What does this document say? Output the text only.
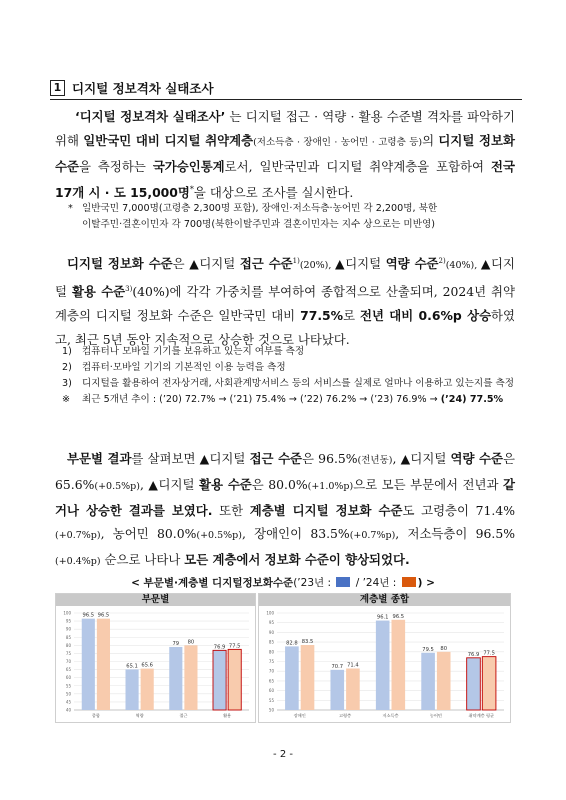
1 디지털 정보격차 실태조사

‘디지털 정보격차 실태조사’ 는 디지털 접근 · 역량 · 활용 수준별 격차를 파악하기 위해 일반국민 대비 디지털 취약계층(저소득층 · 장애인 · 농어민 · 고령층 등)의 디지털 정보화 수준을 측정하는 국가승인통계로서, 일반국민과 디지털 취약계층을 포함하여 전국 17개 시 · 도 15,000명*을 대상으로 조사를 실시한다.

* 일반국민 7,000명(고령층 2,300명 포함), 장애인·저소득층·농어민 각 2,200명, 북한
이탈주민·결혼이민자 각 700명(북한이탈주민과 결혼이민자는 지수 상으로는 미반영)

디지털 정보화 수준은 ▲디지털 접근 수준$^{1)}$(20%), ▲디지털 역량 수준$^{2)}$(40%), ▲디지털 활용 수준$^{3)}$(40%)에 각각 가중치를 부여하여 종합적으로 산출되며, 2024년 취약계층의 디지털 정보화 수준은 일반국민 대비 77.5%로 전년 대비 0.6%p 상승하였고, 최근 5년 동안 지속적으로 상승한 것으로 나타났다.

1)	컴퓨터나 모바일 기기를 보유하고 있는지 여부를 측정
2)	컴퓨터·모바일 기기의 기본적인 이용 능력을 측정
3)	디지털을 활용하여 전자상거래, 사회관계망서비스 등의 서비스를 실제로 얼마나 이용하고 있는지를 측정
※	최근 5개년 추이 : (’20) 72.7% → (’21) 75.4% → (’22) 76.2% → (’23) 76.9% → (’24) 77.5%

부문별 결과를 살펴보면 ▲디지털 접근 수준은 96.5%(전년동), ▲디지털 역량 수준은 65.6%(+0.5%p), ▲디지털 활용 수준은 80.0%(+1.0%p)으로 모든 부문에서 전년과 같거나 상승한 결과를 보였다. 또한 계층별 디지털 정보화 수준도 고령층이 71.4%(+0.7%p), 농어민 80.0%(+0.5%p), 장애인이 83.5%(+0.7%p), 저소득층이 96.5%(+0.4%p) 순으로 나타나 모든 계층에서 정보화 수준이 향상되었다.

< 부문별·계층별 디지털정보화수준(’23년 :  / ’24년 : ) >
부문별
40
45
50
55
60
65
70
75
80
85
90
95
100 96.5 96.5
종합
65.1 65.6
역량
79 80
접근
76.9 77.5
활용
계층별 종합
50
55
60
65
70
75
80
85
90
95
100
82.8 83.5
장애인
70.7 71.4
고령층
96.1 96.5
저소득층
79.5 80
농어민
76.9 77.5
취약계층 평균
- 2 -
